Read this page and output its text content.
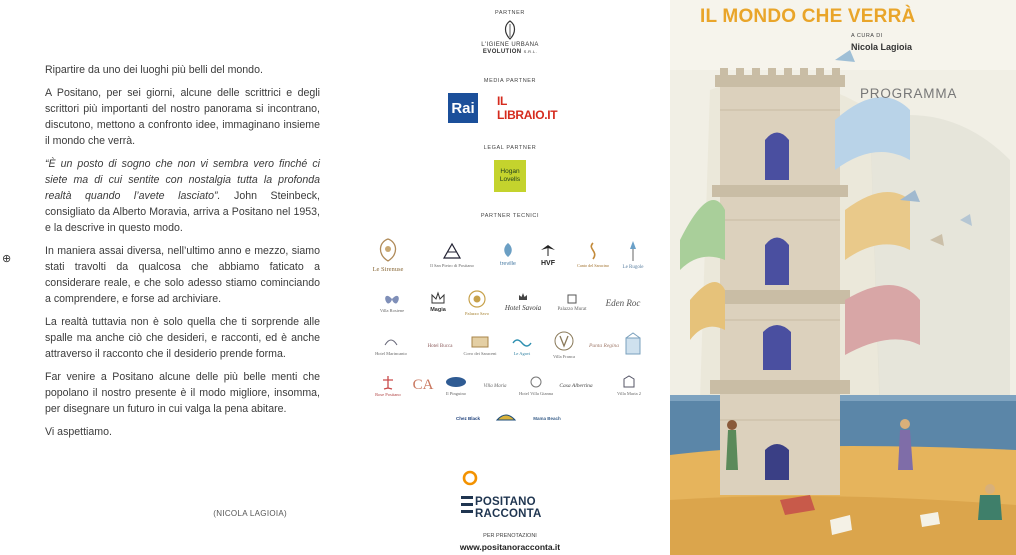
⊕

Ripartire da uno dei luoghi più belli del mondo.

A Positano, per sei giorni, alcune delle scrittrici e degli scrittori più importanti del nostro panorama si incontrano, discutono, mettono a confronto idee, immaginano insieme il mondo che verrà.

“È un posto di sogno che non vi sembra vero finché ci siete ma di cui sentite con nostalgia tutta la profonda realtà quando l’avete lasciato”. John Steinbeck, consigliato da Alberto Moravia, arriva a Positano nel 1953, e la descrive in questo modo.

In maniera assai diversa, nell’ultimo anno e mezzo, siamo stati travolti da qualcosa che abbiamo faticato a considerare reale, e che solo adesso stiamo cominciando a comprendere, e forse ad archiviare.

La realtà tuttavia non è solo quella che ti sorprende alle spalle ma anche ciò che desideri, e racconti, ed è anche attraverso il racconto che il desiderio prende forma.

Far venire a Positano alcune delle più belle menti che popolano il nostro presente è il modo migliore, insomma, per disegnare un futuro in cui valga la pena abitare.

Vi aspettiamo.

(NICOLA LAGIOIA)
PARTNER
L'IGIENE URBANA
EVOLUTION S.R.L.
MEDIA PARTNER
Rai IL LIBRAIO.IT
LEGAL PARTNER
Hogan Lovells
PARTNER TECNICI
Le Sirenuse
Il San Pietro di Positano	treville	HVF	Canto del Saracino	Le Rugole
Villa Rosiene	Magia	Palazzo Savo
Hotel Savoia	Palazzo Murat
Eden Roc
Hotel Marincanto
Hotel Bucca
Covo dei Saraceni	Le Agavi
Villa Franca
Punta Regina
Rose Positano
CA
Il Pinguino
Villa Maria
Hotel Villa Gianna
Casa Albertina
Villa Maria 2
Chez Black	Mama Beach
POSITANO
RACCONTA
PER PRENOTAZIONI
www.positanoracconta.it
IL MONDO CHE VERRÀ
A CURA DI
Nicola Lagioia
PROGRAMMA
